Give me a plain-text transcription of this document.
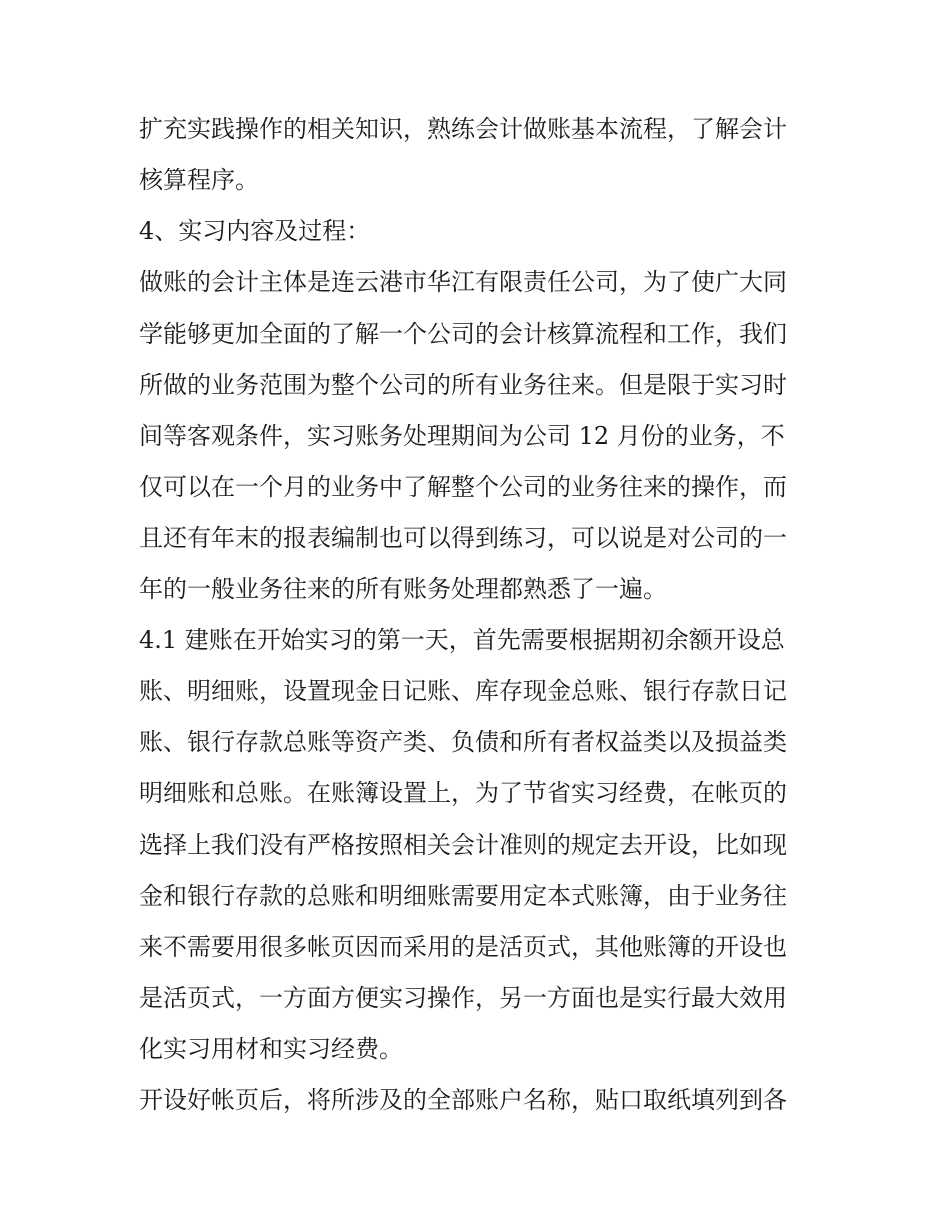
扩充实践操作的相关知识，熟练会计做账基本流程，了解会计
核算程序。
4、实习内容及过程：
做账的会计主体是连云港市华江有限责任公司，为了使广大同
学能够更加全面的了解一个公司的会计核算流程和工作，我们
所做的业务范围为整个公司的所有业务往来。但是限于实习时
间等客观条件，实习账务处理期间为公司 12 月份的业务，不
仅可以在一个月的业务中了解整个公司的业务往来的操作，而
且还有年末的报表编制也可以得到练习，可以说是对公司的一
年的一般业务往来的所有账务处理都熟悉了一遍。
4.1 建账在开始实习的第一天，首先需要根据期初余额开设总
账、明细账，设置现金日记账、库存现金总账、银行存款日记
账、银行存款总账等资产类、负债和所有者权益类以及损益类
明细账和总账。在账簿设置上，为了节省实习经费，在帐页的
选择上我们没有严格按照相关会计准则的规定去开设，比如现
金和银行存款的总账和明细账需要用定本式账簿，由于业务往
来不需要用很多帐页因而采用的是活页式，其他账簿的开设也
是活页式，一方面方便实习操作，另一方面也是实行最大效用
化实习用材和实习经费。
开设好帐页后，将所涉及的全部账户名称，贴口取纸填列到各
